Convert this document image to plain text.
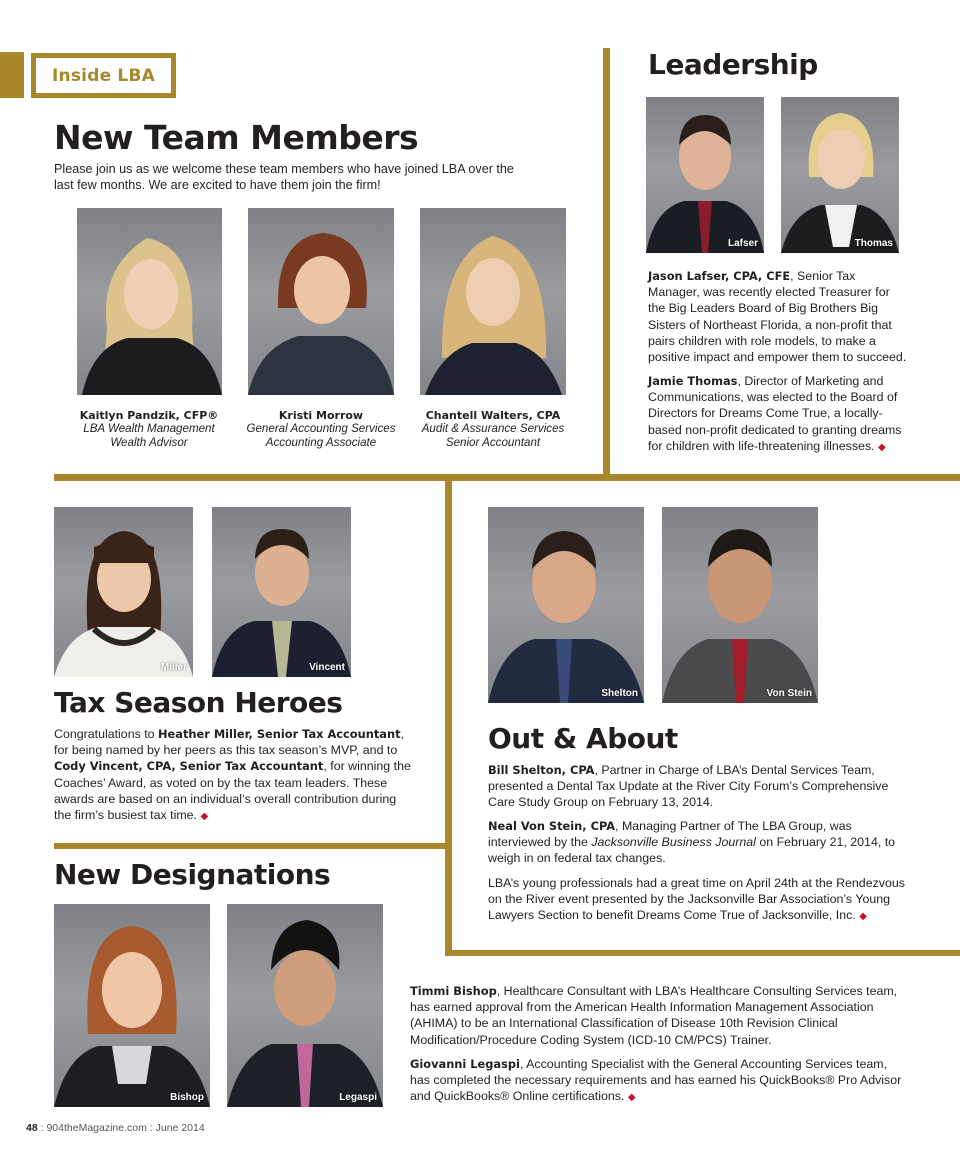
Inside LBA
New Team Members
Please join us as we welcome these team members who have joined LBA over the last few months. We are excited to have them join the firm!
Kaitlyn Pandzik, CFP®
LBA Wealth Management
Wealth Advisor
Kristi Morrow
General Accounting Services
Accounting Associate
Chantell Walters, CPA
Audit & Assurance Services
Senior Accountant
Leadership
Lafser	Thomas
Jason Lafser, CPA, CFE, Senior Tax Manager, was recently elected Treasurer for the Big Leaders Board of Big Brothers Big Sisters of Northeast Florida, a non-profit that pairs children with role models, to make a positive impact and empower them to succeed.
Jamie Thomas, Director of Marketing and Communications, was elected to the Board of Directors for Dreams Come True, a locally-based non-profit dedicated to granting dreams for children with life-threatening illnesses. ◆
Miller	Vincent
Tax Season Heroes
Congratulations to Heather Miller, Senior Tax Accountant, for being named by her peers as this tax season’s MVP, and to Cody Vincent, CPA, Senior Tax Accountant, for winning the Coaches’ Award, as voted on by the tax team leaders. These awards are based on an individual’s overall contribution during the firm’s busiest tax time. ◆
Shelton	Von Stein
Out & About
Bill Shelton, CPA, Partner in Charge of LBA’s Dental Services Team, presented a Dental Tax Update at the River City Forum’s Comprehensive Care Study Group on February 13, 2014.
Neal Von Stein, CPA, Managing Partner of The LBA Group, was interviewed by the Jacksonville Business Journal on February 21, 2014, to weigh in on federal tax changes.
LBA’s young professionals had a great time on April 24th at the Rendezvous on the River event presented by the Jacksonville Bar Association’s Young Lawyers Section to benefit Dreams Come True of Jacksonville, Inc. ◆
New Designations
Bishop	Legaspi
Timmi Bishop, Healthcare Consultant with LBA’s Healthcare Consulting Services team, has earned approval from the American Health Information Management Association (AHIMA) to be an International Classification of Disease 10th Revision Clinical Modification/Procedure Coding System (ICD-10 CM/PCS) Trainer.
Giovanni Legaspi, Accounting Specialist with the General Accounting Services team, has completed the necessary requirements and has earned his QuickBooks® Pro Advisor and QuickBooks® Online certifications. ◆
48 : 904theMagazine.com : June 2014
